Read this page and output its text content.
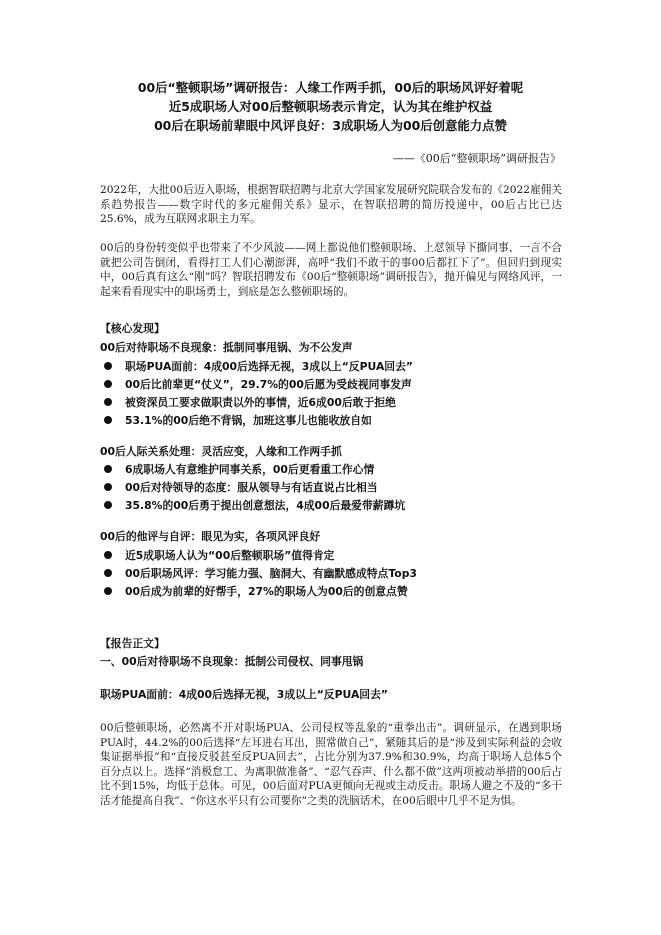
00后“整顿职场”调研报告：人缘工作两手抓，00后的职场风评好着呢
近5成职场人对00后整顿职场表示肯定，认为其在维护权益
00后在职场前辈眼中风评良好：3成职场人为00后创意能力点赞
——《00后“整顿职场”调研报告》

2022年，大批00后迈入职场，根据智联招聘与北京大学国家发展研究院联合发布的《2022雇佣关系趋势报告——数字时代的多元雇佣关系》显示，在智联招聘的简历投递中，00后占比已达25.6%，成为互联网求职主力军。

00后的身份转变似乎也带来了不少风波——网上都说他们整顿职场、上怼领导下撕同事、一言不合就把公司告倒闭，看得打工人们心潮澎湃，高呼“我们不敢干的事00后都扛下了”。但回归到现实中，00后真有这么“刚”吗？智联招聘发布《00后“整顿职场”调研报告》，抛开偏见与网络风评，一起来看看现实中的职场勇士，到底是怎么整顿职场的。

【核心发现】
00后对待职场不良现象：抵制同事甩锅、为不公发声
职场PUA面前：4成00后选择无视，3成以上“反PUA回去”
00后比前辈更“仗义”，29.7%的00后愿为受歧视同事发声
被资深员工要求做职责以外的事情，近6成00后敢于拒绝
53.1%的00后绝不背锅，加班这事儿也能收放自如
00后人际关系处理：灵活应变，人缘和工作两手抓
6成职场人有意维护同事关系，00后更看重工作心情
00后对待领导的态度：服从领导与有话直说占比相当
35.8%的00后勇于提出创意想法，4成00后最爱带薪蹲坑
00后的他评与自评：眼见为实，各项风评良好
近5成职场人认为“00后整顿职场”值得肯定
00后职场风评：学习能力强、脑洞大、有幽默感成特点Top3
00后成为前辈的好帮手，27%的职场人为00后的创意点赞
【报告正文】
一、00后对待职场不良现象：抵制公司侵权、同事甩锅
职场PUA面前：4成00后选择无视，3成以上“反PUA回去”

00后整顿职场，必然离不开对职场PUA、公司侵权等乱象的“重拳出击”。调研显示，在遇到职场PUA时，44.2%的00后选择“左耳进右耳出，照常做自己”，紧随其后的是“涉及到实际利益的会收集证据举报”和“直接反驳甚至反PUA回去”，占比分别为37.9%和30.9%，均高于职场人总体5个百分点以上。选择“消极怠工、为离职做准备”、“忍气吞声、什么都不做”这两项被动举措的00后占比不到15%，均低于总体。可见，00后面对PUA更倾向无视或主动反击。职场人避之不及的“多干活才能提高自我”、“你这水平只有公司要你”之类的洗脑话术，在00后眼中几乎不足为惧。
